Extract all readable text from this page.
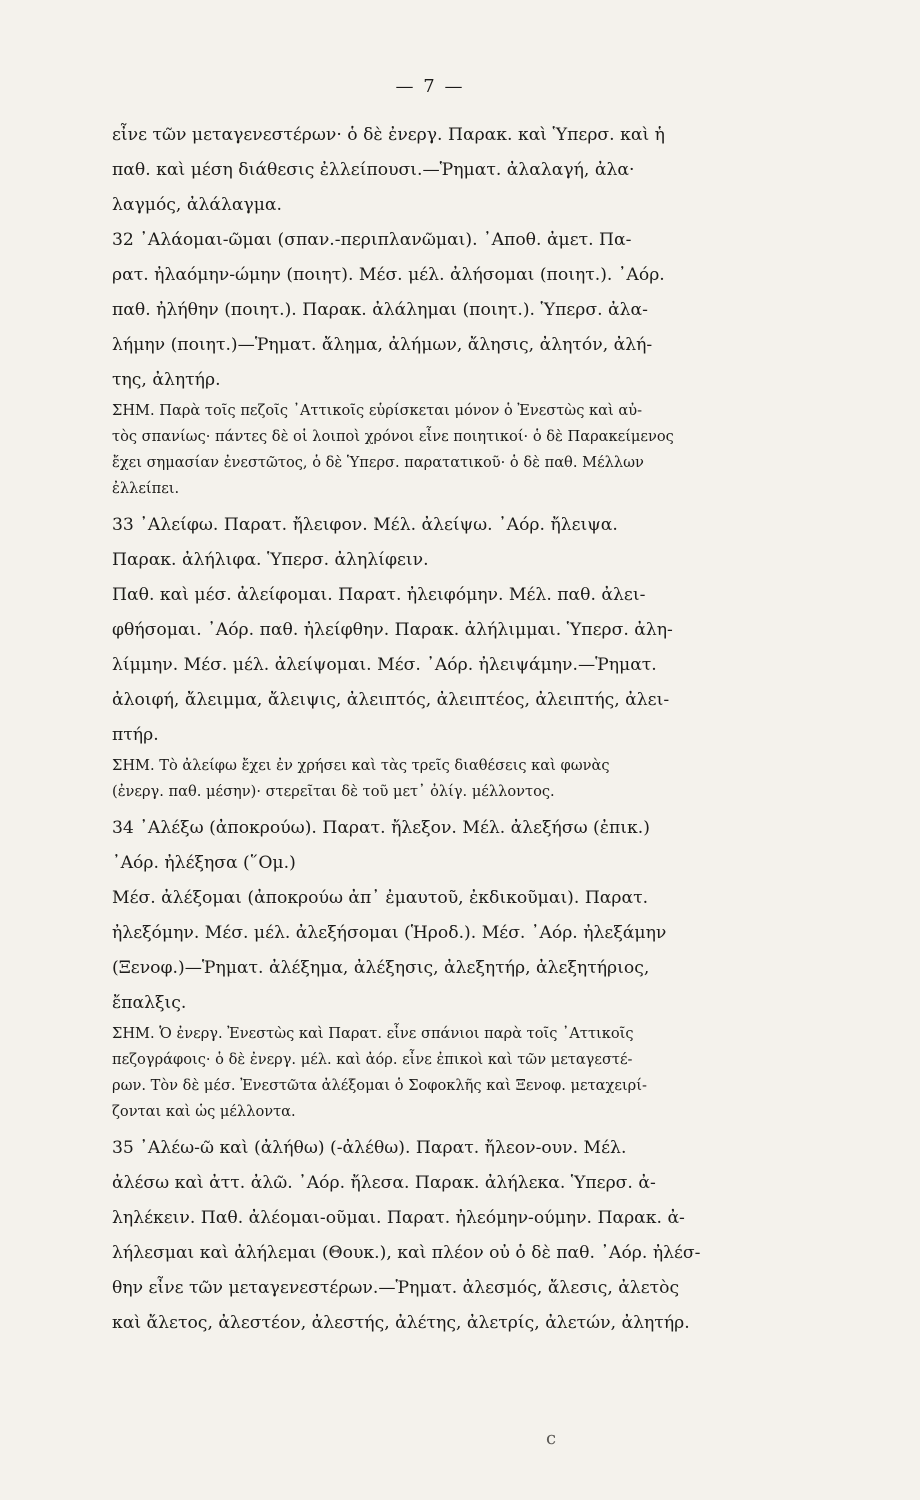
— 7 —
εἶνε τῶν μεταγενεστέρων· ὁ δὲ ἐνεργ. Παρακ. καὶ Ὑπερσ. καὶ ἡ
παθ. καὶ μέση διάθεσις ἐλλείπουσι.—Ῥηματ. ἀλαλαγή, ἀλα·
λαγμός, ἀλάλαγμα.
32 ᾿Αλάομαι-ῶμαι (σπαν.-περιπλανῶμαι). ᾿Αποθ. ἀμετ. Πα-
ρατ. ἠλαόμην-ώμην (ποιητ). Μέσ. μέλ. ἀλήσομαι (ποιητ.). ᾿Αόρ.
παθ. ἠλήθην (ποιητ.). Παρακ. ἀλάλημαι (ποιητ.). Ὑπερσ. ἀλα-
λήμην (ποιητ.)—Ῥηματ. ἄλημα, ἀλήμων, ἄλησις, ἀλητόν, ἀλή-
της, ἀλητήρ.
ΣΗΜ. Παρὰ τοῖς πεζοῖς ᾿Αττικοῖς εὑρίσκεται μόνον ὁ Ἐνεστὼς καὶ αὐ-
τὸς σπανίως· πάντες δὲ οἱ λοιποὶ χρόνοι εἶνε ποιητικοί· ὁ δὲ Παρακείμενος
ἔχει σημασίαν ἐνεστῶτος, ὁ δὲ Ὑπερσ. παρατατικοῦ· ὁ δὲ παθ. Μέλλων
ἐλλείπει.
33 ᾿Αλείφω. Παρατ. ἤλειφον. Μέλ. ἀλείψω. ᾿Αόρ. ἤλειψα.
Παρακ. ἀλήλιφα. Ὑπερσ. ἀληλίφειν.
Παθ. καὶ μέσ. ἀλείφομαι. Παρατ. ἠλειφόμην. Μέλ. παθ. ἀλει-
φθήσομαι. ᾿Αόρ. παθ. ἠλείφθην. Παρακ. ἀλήλιμμαι. Ὑπερσ. ἀλη-
λίμμην. Μέσ. μέλ. ἀλείψομαι. Μέσ. ᾿Αόρ. ἠλειψάμην.—Ῥηματ.
ἀλοιφή, ἄλειμμα, ἄλειψις, ἀλειπτός, ἀλειπτέος, ἀλειπτής, ἀλει-
πτήρ.
ΣΗΜ. Τὸ ἀλείφω ἔχει ἐν χρήσει καὶ τὰς τρεῖς διαθέσεις καὶ φωνὰς
(ἐνεργ. παθ. μέσην)· στερεῖται δὲ τοῦ μετ᾿ ὀλίγ. μέλλοντος.
34 ᾿Αλέξω (ἀποκρούω). Παρατ. ἤλεξον. Μέλ. ἀλεξήσω (ἐπικ.)
᾿Αόρ. ἠλέξησα (῞Ομ.)
Μέσ. ἀλέξομαι (ἀποκρούω ἀπ᾿ ἐμαυτοῦ, ἐκδικοῦμαι). Παρατ.
ἠλεξόμην. Μέσ. μέλ. ἀλεξήσομαι (Ἡροδ.). Μέσ. ᾿Αόρ. ἠλεξάμην
(Ξενοφ.)—Ῥηματ. ἀλέξημα, ἀλέξησις, ἀλεξητήρ, ἀλεξητήριος,
ἔπαλξις.
ΣΗΜ. Ὁ ἐνεργ. Ἐνεστὼς καὶ Παρατ. εἶνε σπάνιοι παρὰ τοῖς ᾿Αττικοῖς
πεζογράφοις· ὁ δὲ ἐνεργ. μέλ. καὶ ἀόρ. εἶνε ἐπικοὶ καὶ τῶν μεταγεστέ-
ρων. Τὸν δὲ μέσ. Ἐνεστῶτα ἀλέξομαι ὁ Σοφοκλῆς καὶ Ξενοφ. μεταχειρί-
ζονται καὶ ὡς μέλλοντα.
35 ᾿Αλέω-ῶ καὶ (ἀλήθω) (-ἀλέθω). Παρατ. ἤλεον-ουν. Μέλ.
ἀλέσω καὶ ἀττ. ἀλῶ. ᾿Αόρ. ἤλεσα. Παρακ. ἀλήλεκα. Ὑπερσ. ἀ-
ληλέκειν. Παθ. ἀλέομαι-οῦμαι. Παρατ. ἠλεόμην-ούμην. Παρακ. ἀ-
λήλεσμαι καὶ ἀλήλεμαι (Θουκ.), καὶ πλέον οὐ ὁ δὲ παθ. ᾿Αόρ. ἠλέσ-
θην εἶνε τῶν μεταγενεστέρων.—Ῥηματ. ἀλεσμός, ἄλεσις, ἀλετὸς
καὶ ἄλετος, ἀλεστέον, ἀλεστής, ἀλέτης, ἀλετρίς, ἀλετών, ἀλητήρ.
ϲ
